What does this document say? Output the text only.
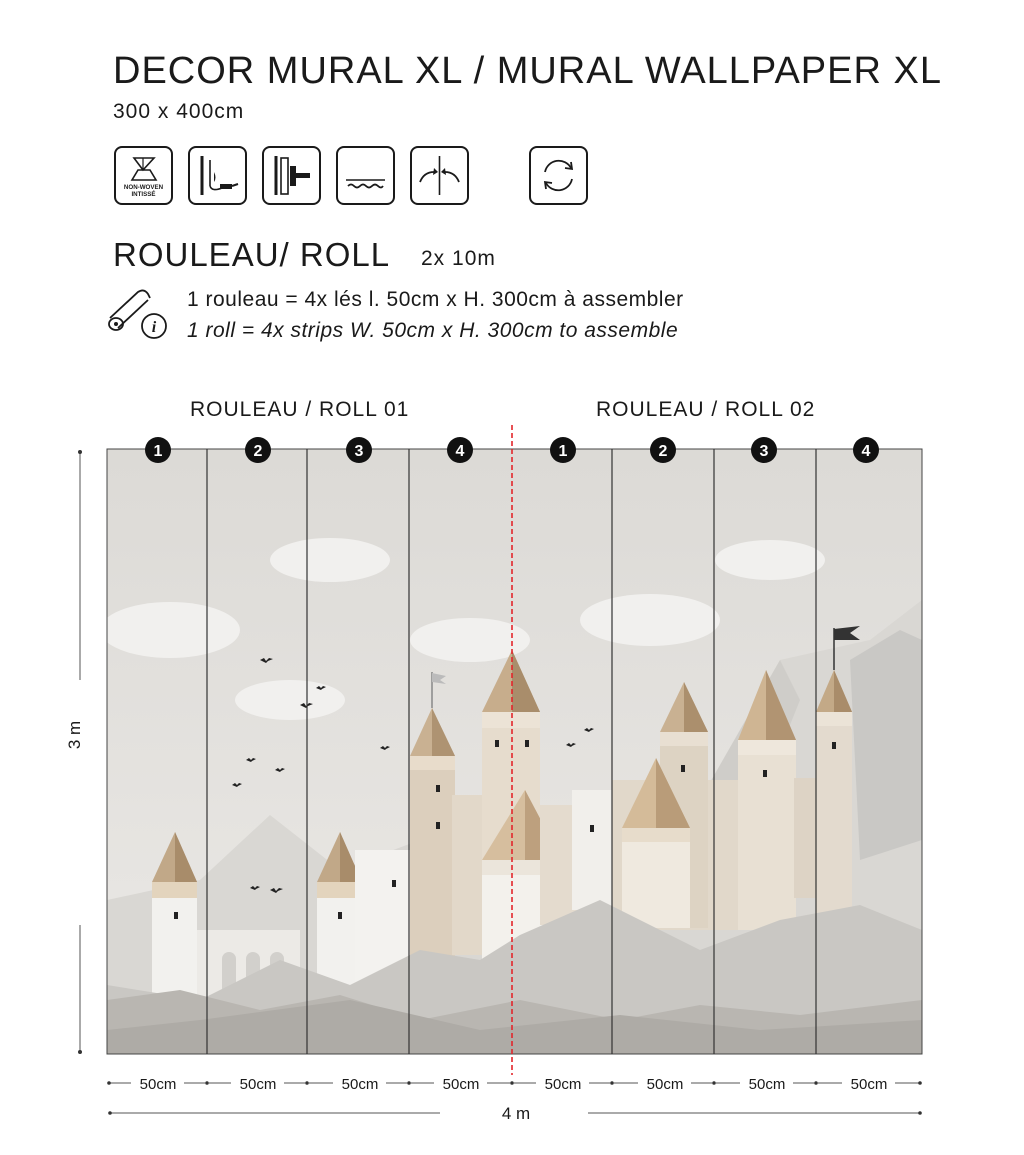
DECOR MURAL XL / MURAL WALLPAPER XL
300 x 400cm
NON-WOVEN
INTISSÉ
ROULEAU/ ROLL 2x 10m
i
1 rouleau = 4x lés l. 50cm x H. 300cm à assembler
1 roll = 4x strips W. 50cm x H. 300cm to assemble
ROULEAU / ROLL 01	ROULEAU / ROLL 02
1	2	3	4	1	2	3	4
3 m
50cm	50cm	50cm	50cm	50cm	50cm	50cm	50cm
4 m
